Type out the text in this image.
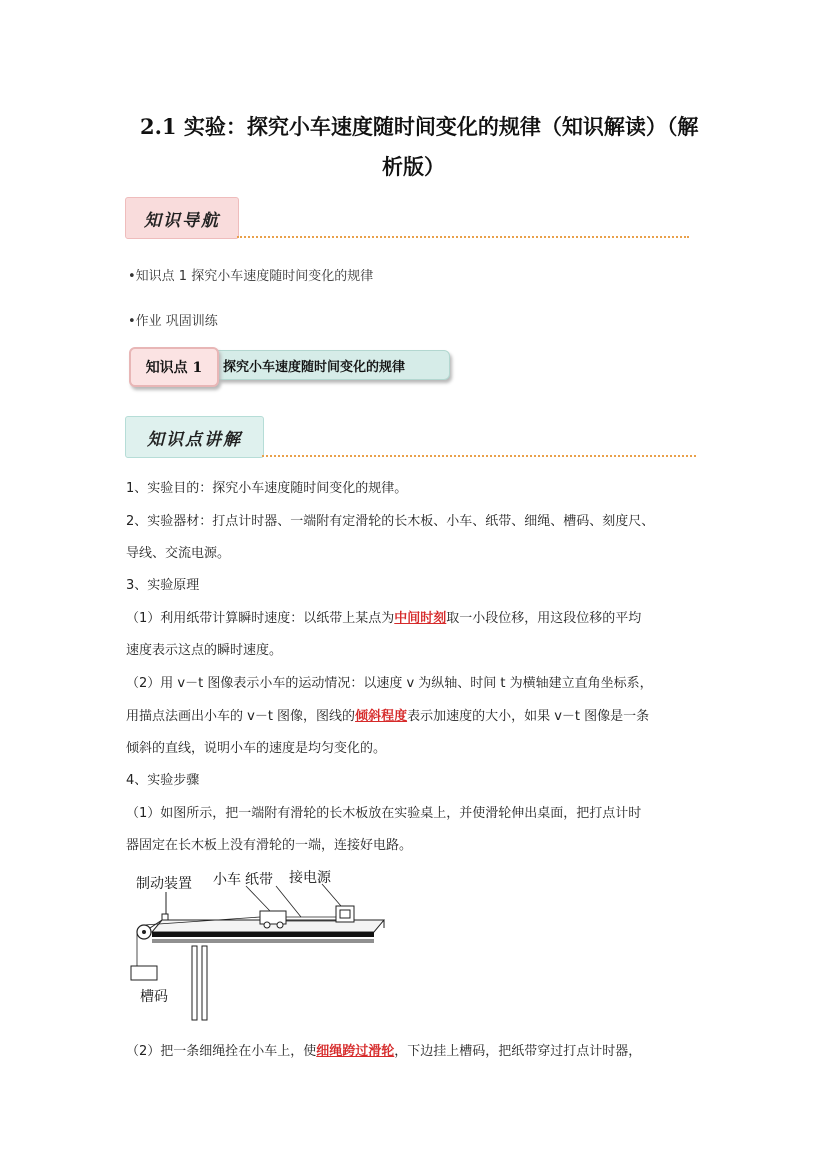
2.1 实验：探究小车速度随时间变化的规律（知识解读）（解
析版）
知识导航
•知识点 1 探究小车速度随时间变化的规律
•作业 巩固训练
知识点 1	探究小车速度随时间变化的规律
知识点讲解
1、实验目的：探究小车速度随时间变化的规律。
2、实验器材：打点计时器、一端附有定滑轮的长木板、小车、纸带、细绳、槽码、刻度尺、
导线、交流电源。
3、实验原理
（1）利用纸带计算瞬时速度：以纸带上某点为中间时刻取一小段位移，用这段位移的平均
速度表示这点的瞬时速度。
（2）用 v－t 图像表示小车的运动情况：以速度 v 为纵轴、时间 t 为横轴建立直角坐标系，
用描点法画出小车的 v－t 图像，图线的倾斜程度表示加速度的大小，如果 v－t 图像是一条
倾斜的直线，说明小车的速度是均匀变化的。
4、实验步骤
（1）如图所示，把一端附有滑轮的长木板放在实验桌上，并使滑轮伸出桌面，把打点计时
器固定在长木板上没有滑轮的一端，连接好电路。
制动装置 小车 纸带 接电源
槽码
（2）把一条细绳拴在小车上，使细绳跨过滑轮，下边挂上槽码，把纸带穿过打点计时器，
